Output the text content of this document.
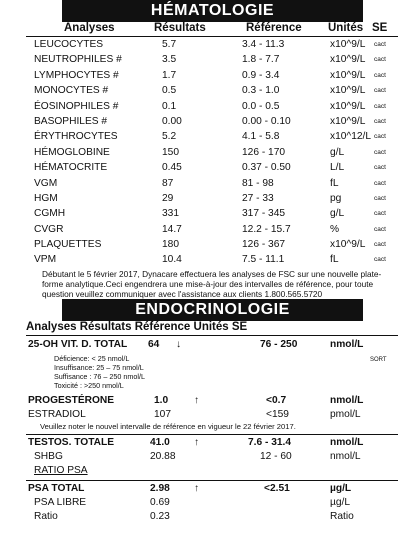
HÉMATOLOGIE
Analyses	Résultats	Référence Unités SE
LEUCOCYTES	5.7	3.4 - 11.3	x10^9/L cact
NEUTROPHILES #	3.5	1.8 - 7.7	x10^9/L cact
LYMPHOCYTES #	1.7	0.9 - 3.4	x10^9/L cact
MONOCYTES #	0.5	0.3 - 1.0	x10^9/L cact
ÉOSINOPHILES #	0.1	0.0 - 0.5	x10^9/L cact
BASOPHILES #	0.00	0.00 - 0.10	x10^9/L cact
ÉRYTHROCYTES	5.2	4.1 - 5.8	x10^12/L cact
HÉMOGLOBINE	150	126 - 170	g/L	cact
HÉMATOCRITE	0.45	0.37 - 0.50	L/L	cact
VGM	87	81 - 98	fL	cact
HGM	29	27 - 33	pg	cact
CGMH	331	317 - 345	g/L	cact
CVGR	14.7	12.2 - 15.7	%	cact
PLAQUETTES	180	126 - 367	x10^9/L cact
VPM	10.4	7.5 - 11.1	fL	cact
Débutant le 5 février 2017, Dynacare effectuera les analyses de FSC sur une nouvelle plate-forme analytique.Ceci engendrera une mise-à-jour des intervalles de référence, pour toute question veuillez communiquer avec l'assistance aux clients 1.800.565.5720
ENDOCRINOLOGIE
Analyses Résultats Référence Unités SE
25-OH VIT. D. TOTAL 64 ↓	76 - 250	nmol/L
SORT
Déficience: < 25 nmol/L
Insuffisance: 25 – 75 nmol/L
Suffisance : 76 – 250 nmol/L
Toxicité : >250 nmol/L
PROGESTÉRONE	1.0	↑	<0.7	nmol/L
ESTRADIOL	107	<159	pmol/L
Veuillez noter le nouvel intervalle de référence en vigueur le 22 février 2017.
TESTOS. TOTALE	41.0 ↑	7.6 - 31.4	nmol/L
SHBG	20.88	12 - 60	nmol/L
RATIO PSA
PSA TOTAL	2.98 ↑	<2.51	µg/L
PSA LIBRE	0.69	µg/L
Ratio	0.23	Ratio
